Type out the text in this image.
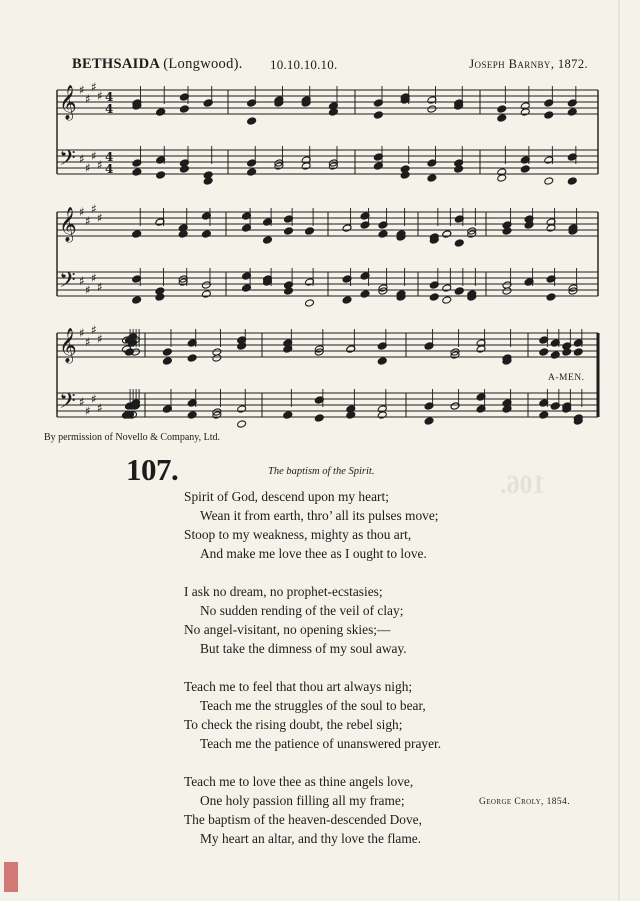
106.
BETHSAIDA (Longwood). 10.10.10.10.	Joseph Barnby, 1872.
𝄞 ♯
♯
♯
♯ 4
4
𝄢 ♯
♯
♯
♯
4
4
𝄞 ♯
♯
♯
♯
𝄢 ♯
♯
♯
♯
𝄞 ♯
♯
♯
♯
𝄢 ♯
♯
♯
♯
A-MEN.
By permission of Novello & Company, Ltd.
107.	The baptism of the Spirit.
Spirit of God, descend upon my heart;
Wean it from earth, thro’ all its pulses move;
Stoop to my weakness, mighty as thou art,
And make me love thee as I ought to love.
I ask no dream, no prophet-ecstasies;
No sudden rending of the veil of clay;
No angel-visitant, no opening skies;—
But take the dimness of my soul away.
Teach me to feel that thou art always nigh;
Teach me the struggles of the soul to bear,
To check the rising doubt, the rebel sigh;
Teach me the patience of unanswered prayer.
Teach me to love thee as thine angels love,
One holy passion filling all my frame;
The baptism of the heaven-descended Dove,
My heart an altar, and thy love the flame.
George Croly, 1854.
